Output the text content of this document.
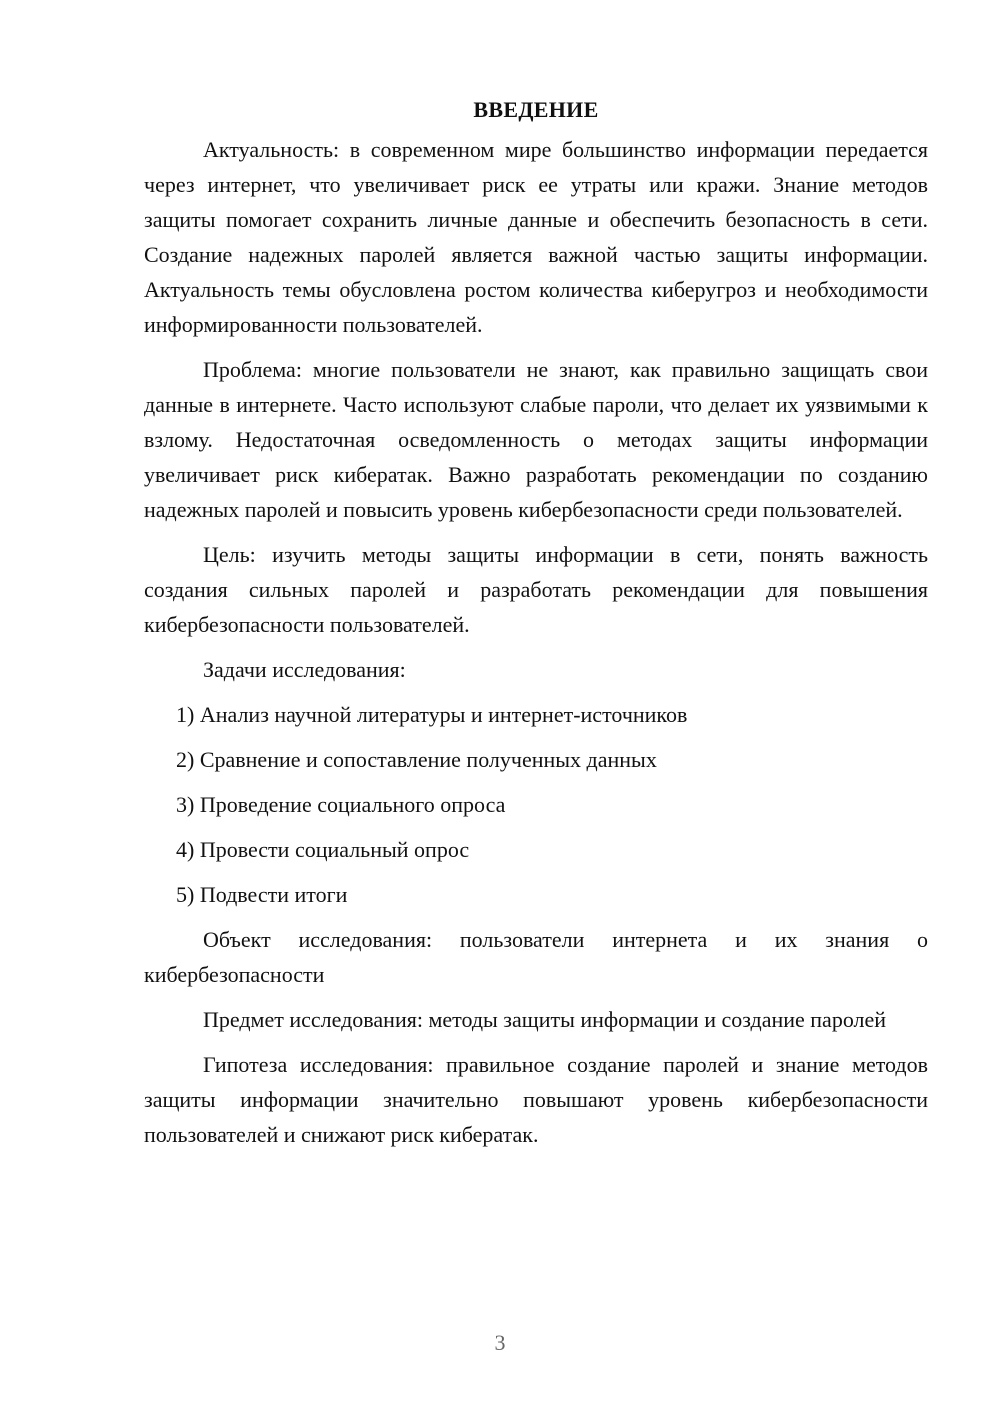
ВВЕДЕНИЕ

Актуальность: в современном мире большинство информации передается через интернет, что увеличивает риск ее утраты или кражи. Знание методов защиты помогает сохранить личные данные и обеспечить безопасность в сети. Создание надежных паролей является важной частью защиты информации. Актуальность темы обусловлена ростом количества киберугроз и необходимости информированности пользователей.

Проблема: многие пользователи не знают, как правильно защищать свои данные в интернете. Часто используют слабые пароли, что делает их уязвимыми к взлому. Недостаточная осведомленность о методах защиты информации увеличивает риск кибератак. Важно разработать рекомендации по созданию надежных паролей и повысить уровень кибербезопасности среди пользователей.

Цель: изучить методы защиты информации в сети, понять важность создания сильных паролей и разработать рекомендации для повышения кибербезопасности пользователей.

Задачи исследования:

1) Анализ научной литературы и интернет-источников
2) Сравнение и сопоставление полученных данных
3) Проведение социального опроса
4) Провести социальный опрос
5) Подвести итоги

Объект исследования: пользователи интернета и их знания о кибербезопасности

Предмет исследования: методы защиты информации и создание паролей

Гипотеза исследования: правильное создание паролей и знание методов защиты информации значительно повышают уровень кибербезопасности пользователей и снижают риск кибератак.

3
